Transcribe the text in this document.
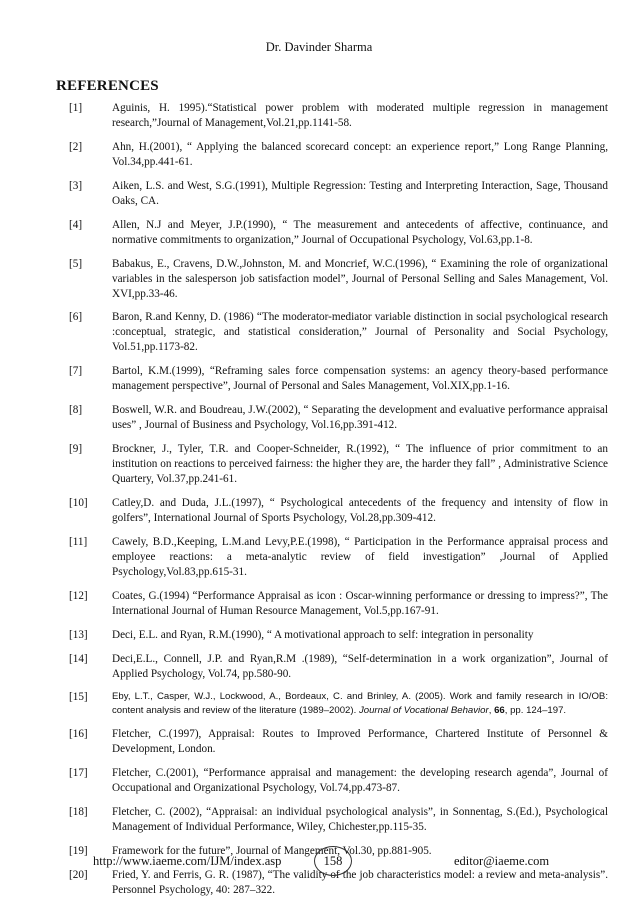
Dr. Davinder Sharma
REFERENCES
[1]	Aguinis, H. 1995).“Statistical power problem with moderated multiple regression in management research,”Journal of Management,Vol.21,pp.1141-58.
[2]	Ahn, H.(2001), “ Applying the balanced scorecard concept: an experience report,” Long Range Planning, Vol.34,pp.441-61.
[3]	Aiken, L.S. and West, S.G.(1991), Multiple Regression: Testing and Interpreting Interaction, Sage, Thousand Oaks, CA.
[4]	Allen, N.J and Meyer, J.P.(1990), “ The measurement and antecedents of affective, continuance, and normative commitments to organization,” Journal of Occupational Psychology, Vol.63,pp.1-8.
[5]	Babakus, E., Cravens, D.W.,Johnston, M. and Moncrief, W.C.(1996), “ Examining the role of organizational variables in the salesperson job satisfaction model”, Journal of Personal Selling and Sales Management, Vol. XVI,pp.33-46.
[6]	Baron, R.and Kenny, D. (1986) “The moderator-mediator variable distinction in social psychological research :conceptual, strategic, and statistical consideration,” Journal of Personality and Social Psychology, Vol.51,pp.1173-82.
[7]	Bartol, K.M.(1999), “Reframing sales force compensation systems: an agency theory-based performance management perspective”, Journal of Personal and Sales Management, Vol.XIX,pp.1-16.
[8]	Boswell, W.R. and Boudreau, J.W.(2002), “ Separating the development and evaluative performance appraisal uses” , Journal of Business and Psychology, Vol.16,pp.391-412.
[9]	Brockner, J., Tyler, T.R. and Cooper-Schneider, R.(1992), “ The influence of prior commitment to an institution on reactions to perceived fairness: the higher they are, the harder they fall” , Administrative Science Quartery, Vol.37,pp.241-61.
[10] Catley,D. and Duda, J.L.(1997), “ Psychological antecedents of the frequency and intensity of flow in golfers”, International Journal of Sports Psychology, Vol.28,pp.309-412.
[11] Cawely, B.D.,Keeping, L.M.and Levy,P.E.(1998), “ Participation in the Performance appraisal process and employee reactions: a meta-analytic review of field investigation” ,Journal of Applied Psychology,Vol.83,pp.615-31.
[12] Coates, G.(1994) “Performance Appraisal as icon : Oscar-winning performance or dressing to impress?”, The International Journal of Human Resource Management, Vol.5,pp.167-91.
[13] Deci, E.L. and Ryan, R.M.(1990), “ A motivational approach to self: integration in personality
[14] Deci,E.L., Connell, J.P. and Ryan,R.M .(1989), “Self-determination in a work organization”, Journal of Applied Psychology, Vol.74, pp.580-90.
[15]	Eby, L.T., Casper, W.J., Lockwood, A., Bordeaux, C. and Brinley, A. (2005). Work and family research in IO/OB: content analysis and review of the literature (1989–2002). Journal of Vocational Behavior, 66, pp. 124–197.
[16] Fletcher, C.(1997), Appraisal: Routes to Improved Performance, Chartered Institute of Personnel & Development, London.
[17] Fletcher, C.(2001), “Performance appraisal and management: the developing research agenda”, Journal of Occupational and Organizational Psychology, Vol.74,pp.473-87.
[18] Fletcher, C. (2002), “Appraisal: an individual psychological analysis”, in Sonnentag, S.(Ed.), Psychological Management of Individual Performance, Wiley, Chichester,pp.115-35.
[19] Framework for the future”, Journal of Mangement, Vol.30, pp.881-905.
[20] Fried, Y. and Ferris, G. R. (1987), “The validity of the job characteristics model: a review and meta-analysis”. Personnel Psychology, 40: 287–322.
http://www.iaeme.com/IJM/index.asp	158	editor@iaeme.com
